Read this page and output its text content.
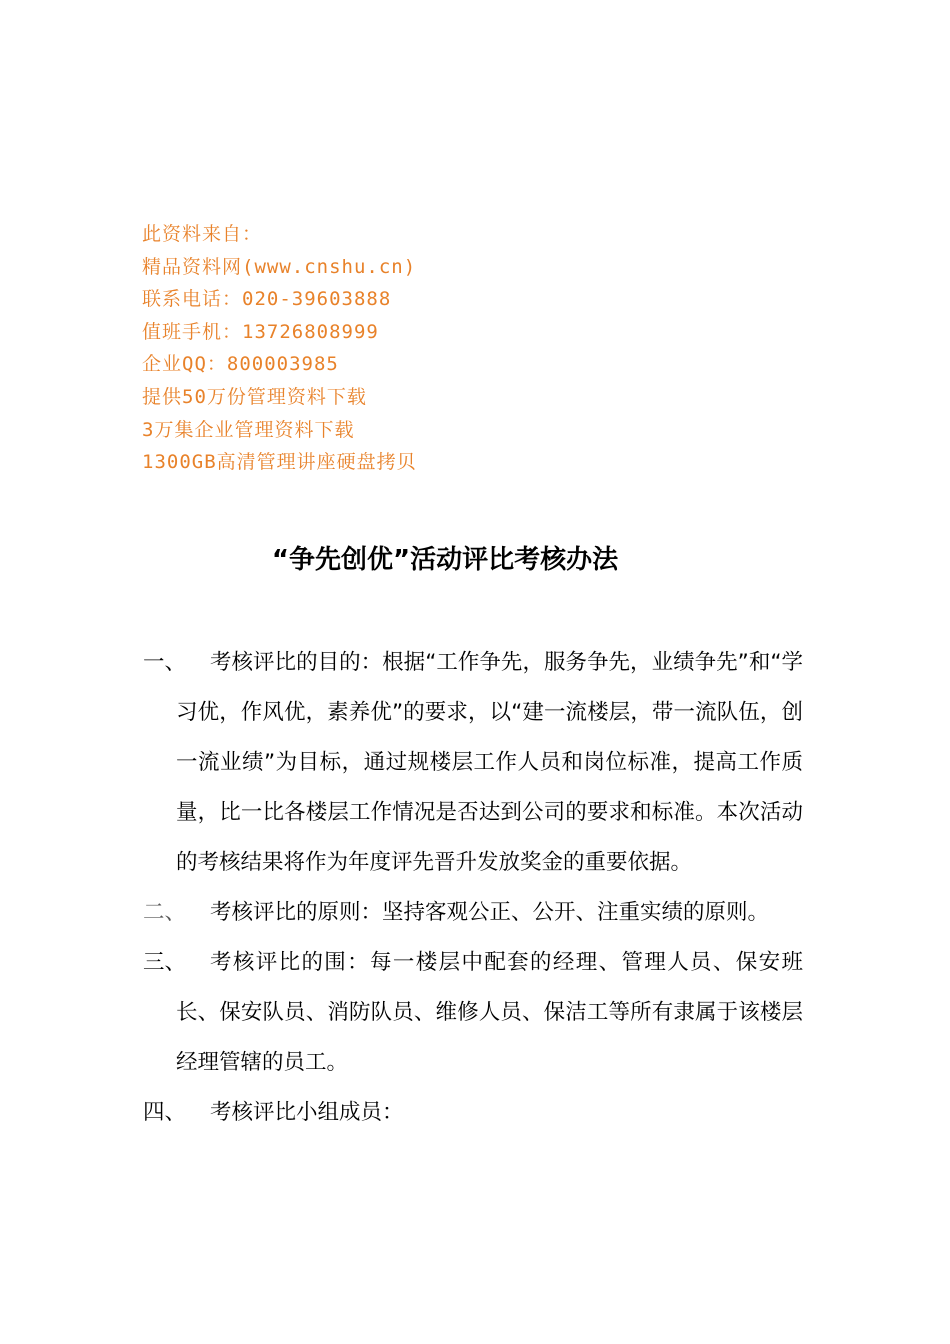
此资料来自：
精品资料网(www.cnshu.cn)
联系电话：020-39603888
值班手机：13726808999
企业QQ：800003985
提供50万份管理资料下载
3万集企业管理资料下载
1300GB高清管理讲座硬盘拷贝
“争先创优”活动评比考核办法

一、	考核评比的目的：根据“工作争先，服务争先，业绩争先”和“学习优，作风优，素养优”的要求，以“建一流楼层，带一流队伍，创一流业绩”为目标，通过规楼层工作人员和岗位标准，提高工作质量，比一比各楼层工作情况是否达到公司的要求和标准。本次活动的考核结果将作为年度评先晋升发放奖金的重要依据。

二、	考核评比的原则：坚持客观公正、公开、注重实绩的原则。

三、	考核评比的围：每一楼层中配套的经理、管理人员、保安班长、保安队员、消防队员、维修人员、保洁工等所有隶属于该楼层经理管辖的员工。

四、	考核评比小组成员：
